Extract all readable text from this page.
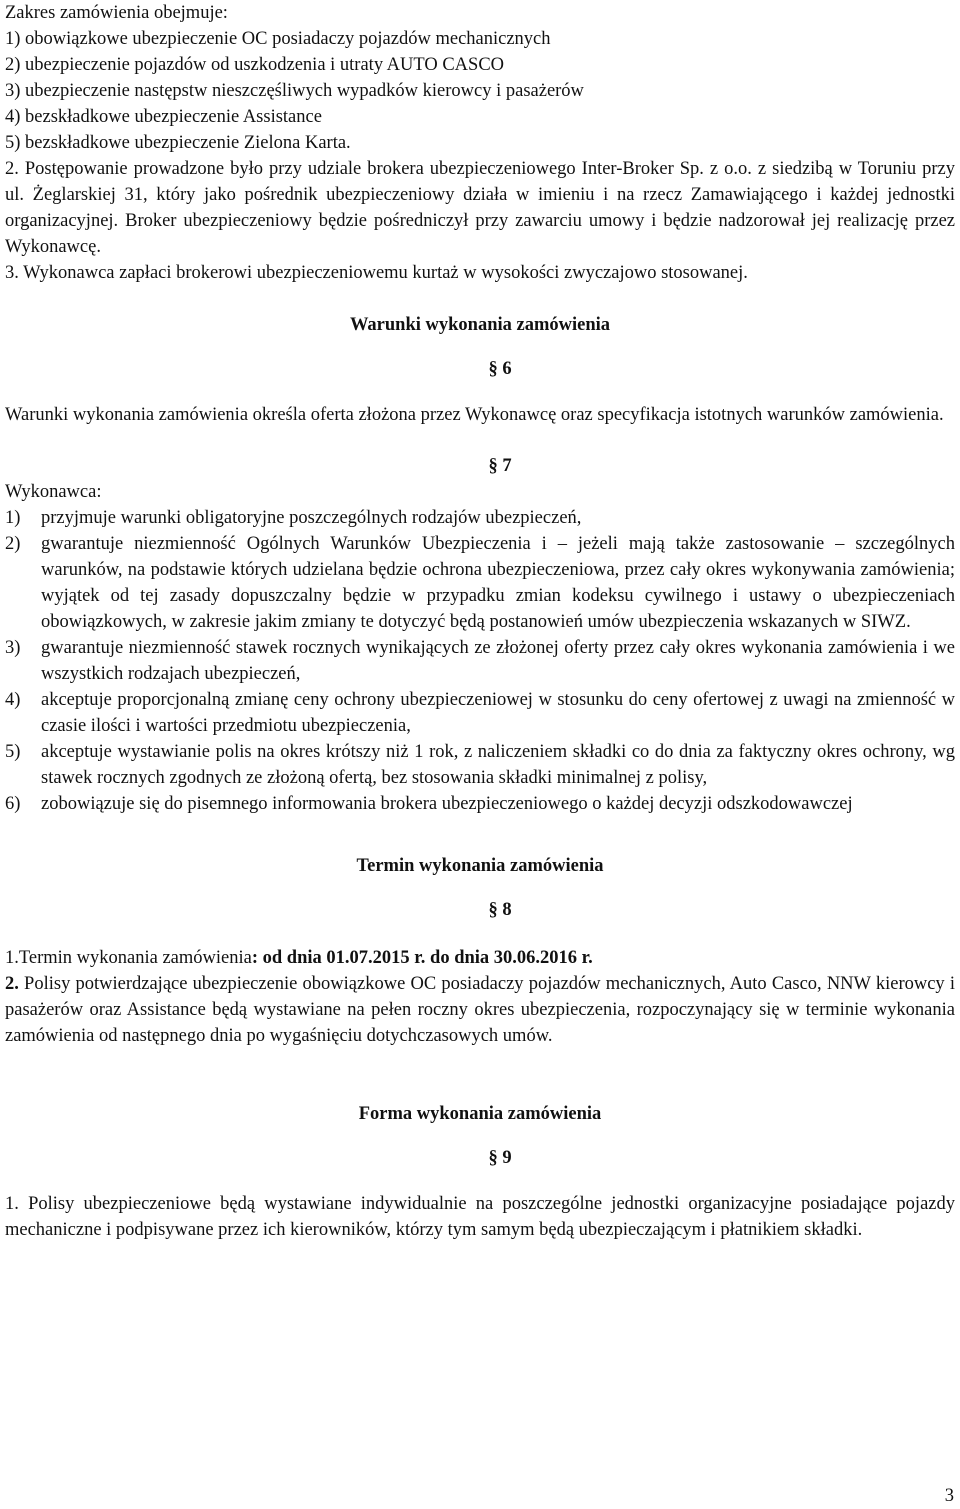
Zakres zamówienia obejmuje:

1) obowiązkowe ubezpieczenie OC posiadaczy pojazdów mechanicznych

2) ubezpieczenie pojazdów od uszkodzenia i utraty AUTO CASCO

3) ubezpieczenie następstw nieszczęśliwych wypadków kierowcy i pasażerów

4) bezskładkowe ubezpieczenie Assistance

5) bezskładkowe ubezpieczenie Zielona Karta.

2. Postępowanie prowadzone było przy udziale brokera ubezpieczeniowego Inter-Broker Sp. z o.o. z siedzibą w Toruniu przy ul. Żeglarskiej 31, który jako pośrednik ubezpieczeniowy działa w imieniu i na rzecz Zamawiającego i każdej jednostki organizacyjnej. Broker ubezpieczeniowy będzie pośredniczył przy zawarciu umowy i będzie nadzorował jej realizację przez Wykonawcę.

3. Wykonawca zapłaci brokerowi ubezpieczeniowemu kurtaż w wysokości zwyczajowo stosowanej.

Warunki wykonania zamówienia

§ 6

Warunki wykonania zamówienia określa oferta złożona przez Wykonawcę oraz specyfikacja istotnych warunków zamówienia.

§ 7

Wykonawca:

1)	przyjmuje warunki obligatoryjne poszczególnych rodzajów ubezpieczeń,
2)	gwarantuje niezmienność Ogólnych Warunków Ubezpieczenia i – jeżeli mają także zastosowanie – szczególnych warunków, na podstawie których udzielana będzie ochrona ubezpieczeniowa, przez cały okres wykonywania zamówienia; wyjątek od tej zasady dopuszczalny będzie w przypadku zmian kodeksu cywilnego i ustawy o ubezpieczeniach obowiązkowych, w zakresie jakim zmiany te dotyczyć będą postanowień umów ubezpieczenia wskazanych w SIWZ.
3)	gwarantuje niezmienność stawek rocznych wynikających ze złożonej oferty przez cały okres wykonania zamówienia i we wszystkich rodzajach ubezpieczeń,
4)	akceptuje proporcjonalną zmianę ceny ochrony ubezpieczeniowej w stosunku do ceny ofertowej z uwagi na zmienność w czasie ilości i wartości przedmiotu ubezpieczenia,
5)	akceptuje wystawianie polis na okres krótszy niż 1 rok, z naliczeniem składki co do dnia za faktyczny okres ochrony, wg stawek rocznych zgodnych ze złożoną ofertą, bez stosowania składki minimalnej z polisy,
6)	zobowiązuje się do pisemnego informowania brokera ubezpieczeniowego o każdej decyzji odszkodowawczej

Termin wykonania zamówienia

§ 8

1.Termin wykonania zamówienia: od dnia 01.07.2015 r. do dnia 30.06.2016 r.

2. Polisy potwierdzające ubezpieczenie obowiązkowe OC posiadaczy pojazdów mechanicznych, Auto Casco, NNW kierowcy i pasażerów oraz Assistance będą wystawiane na pełen roczny okres ubezpieczenia, rozpoczynający się w terminie wykonania zamówienia od następnego dnia po wygaśnięciu dotychczasowych umów.

Forma wykonania zamówienia

§ 9

1. Polisy ubezpieczeniowe będą wystawiane indywidualnie na poszczególne jednostki organizacyjne posiadające pojazdy mechaniczne i podpisywane przez ich kierowników, którzy tym samym będą ubezpieczającym i płatnikiem składki.

3
